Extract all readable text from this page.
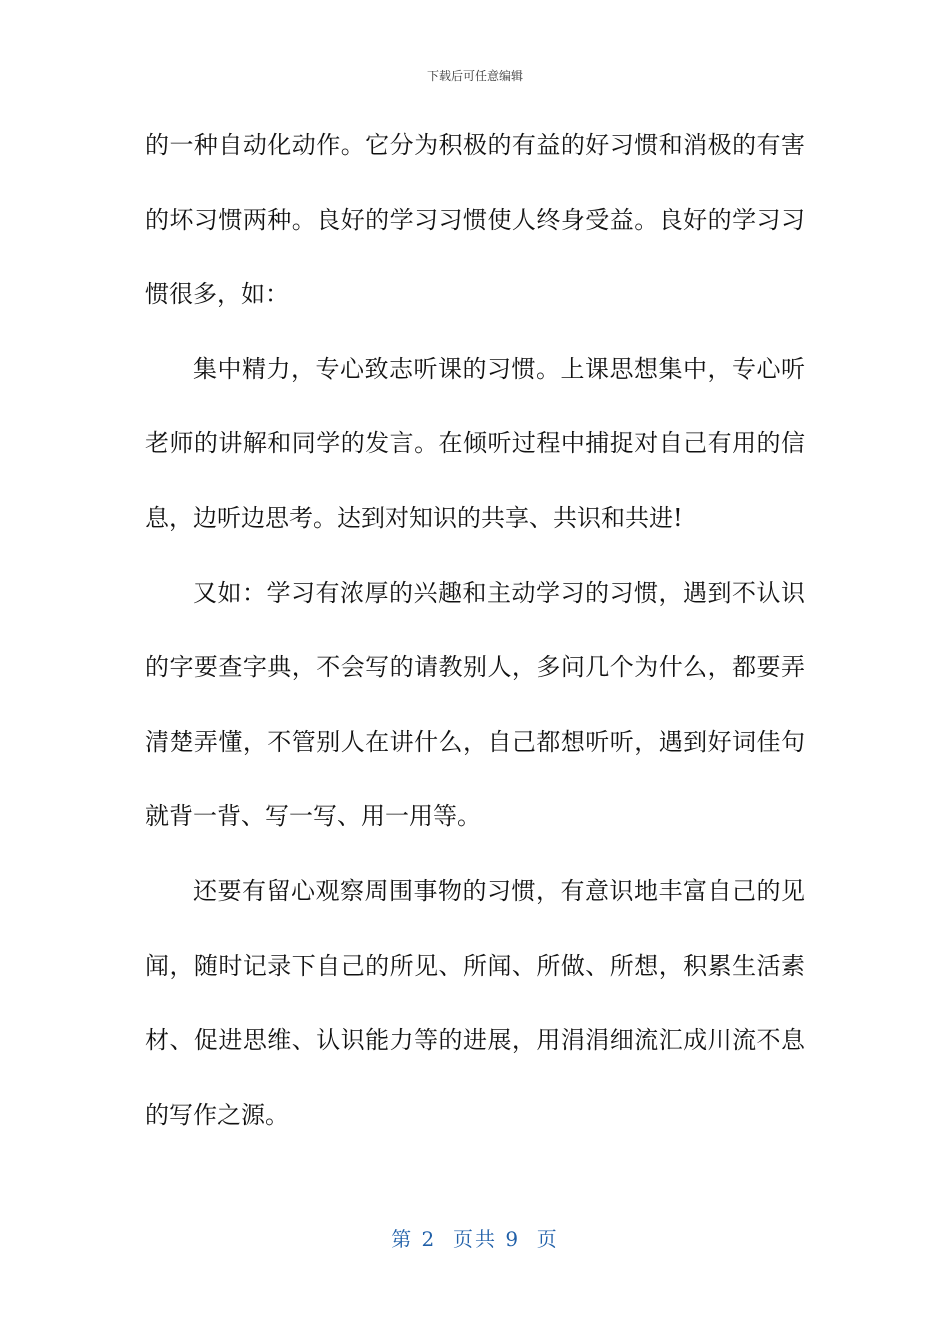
下载后可任意编辑

的一种自动化动作。它分为积极的有益的好习惯和消极的有害的坏习惯两种。良好的学习习惯使人终身受益。良好的学习习惯很多，如：

集中精力，专心致志听课的习惯。上课思想集中，专心听老师的讲解和同学的发言。在倾听过程中捕捉对自己有用的信息，边听边思考。达到对知识的共享、共识和共进!

又如：学习有浓厚的兴趣和主动学习的习惯，遇到不认识的字要查字典，不会写的请教别人，多问几个为什么，都要弄清楚弄懂，不管别人在讲什么，自己都想听听，遇到好词佳句就背一背、写一写、用一用等。

还要有留心观察周围事物的习惯，有意识地丰富自己的见闻，随时记录下自己的所见、所闻、所做、所想，积累生活素材、促进思维、认识能力等的进展，用涓涓细流汇成川流不息的写作之源。

第 2  页共 9  页
